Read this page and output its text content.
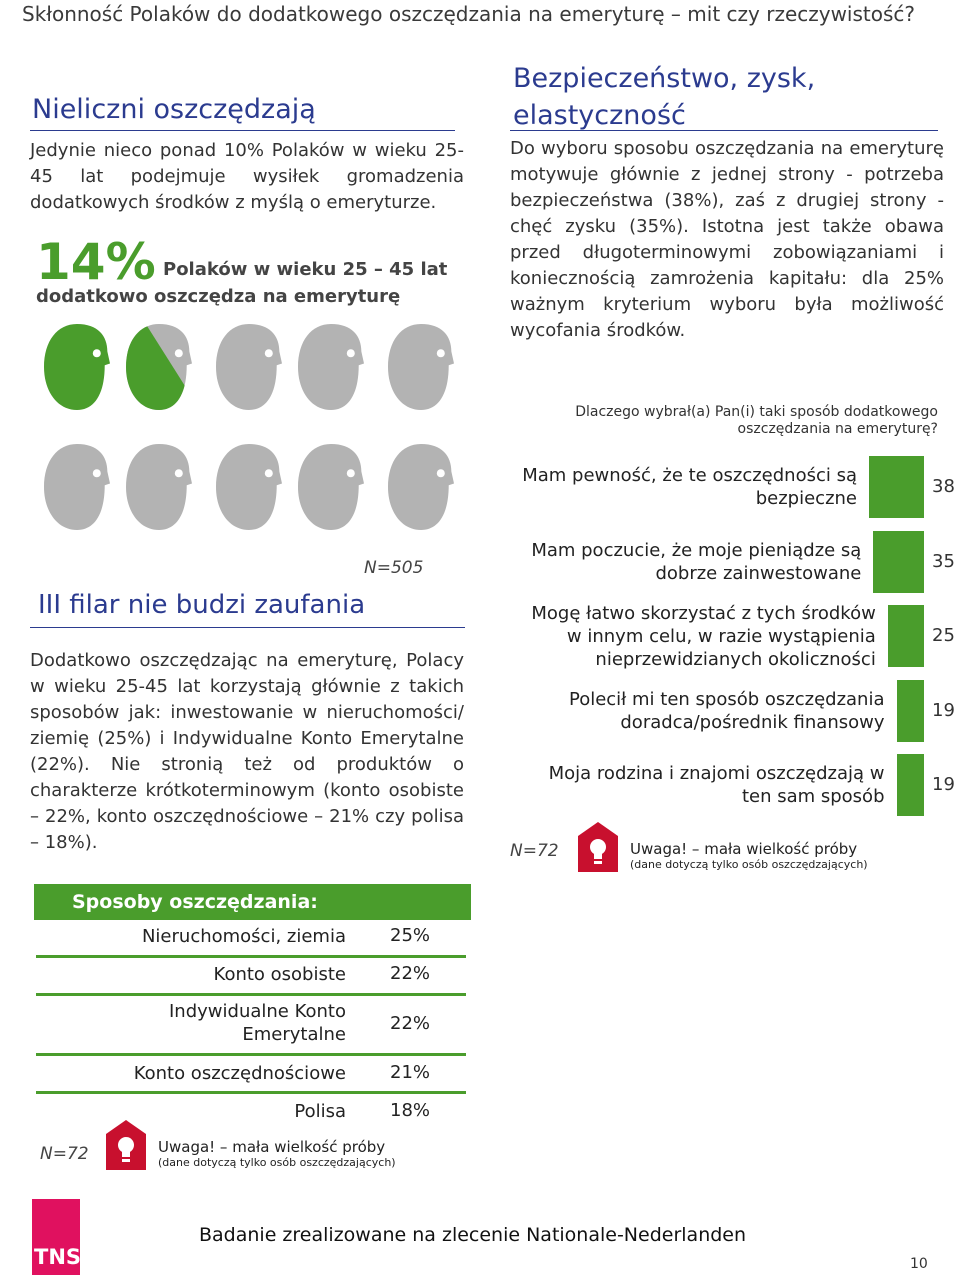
Skłonność Polaków do dodatkowego oszczędzania na emeryturę – mit czy rzeczywistość?
Nieliczni oszczędzają
Jedynie nieco ponad 10% Polaków w wieku 25-45 lat podejmuje wysiłek gromadzenia dodatkowych środków z myślą o emeryturze.
14% Polaków w wieku 25 – 45 lat
dodatkowo oszczędza na emeryturę
Bezpieczeństwo, zysk,
elastyczność
Do wyboru sposobu oszczędzania na emeryturę motywuje głównie z jednej strony - potrzeba bezpieczeństwa (38%), zaś z drugiej strony - chęć zysku (35%). Istotna jest także obawa przed długoterminowymi zobowiązaniami i koniecznością zamrożenia kapitału: dla 25% ważnym kryterium wyboru była możliwość wycofania środków.
Dlaczego wybrał(a) Pan(i) taki sposób dodatkowego
oszczędzania na emeryturę?
38
Mam pewność, że te oszczędności są
bezpieczne
35
Mam poczucie, że moje pieniądze są
dobrze zainwestowane
25
Mogę łatwo skorzystać z tych środków
w innym celu, w razie wystąpienia
nieprzewidzianych okoliczności
19
Polecił mi ten sposób oszczędzania
doradca/pośrednik finansowy
19
Moja rodzina i znajomi oszczędzają w
ten sam sposób
N=72	Uwaga! – mała wielkość próby
(dane dotyczą tylko osób oszczędzających)
N=505
III filar nie budzi zaufania
Dodatkowo oszczędzając na emeryturę, Polacy w wieku 25-45 lat korzystają głównie z takich sposobów jak: inwestowanie w nieruchomości/ ziemię (25%) i Indywidualne Konto Emerytalne (22%). Nie stronią też od produktów o charakterze krótkoterminowym (konto osobiste – 22%, konto oszczędnościowe – 21% czy polisa – 18%).
Sposoby oszczędzania:
Nieruchomości, ziemia 25%
Konto osobiste 22%
Indywidualne Konto Emerytalne
22%
Konto oszczędnościowe 21%
Polisa 18%
N=72	Uwaga! – mała wielkość próby
(dane dotyczą tylko osób oszczędzających)
TNS
Badanie zrealizowane na zlecenie Nationale-Nederlanden
10
